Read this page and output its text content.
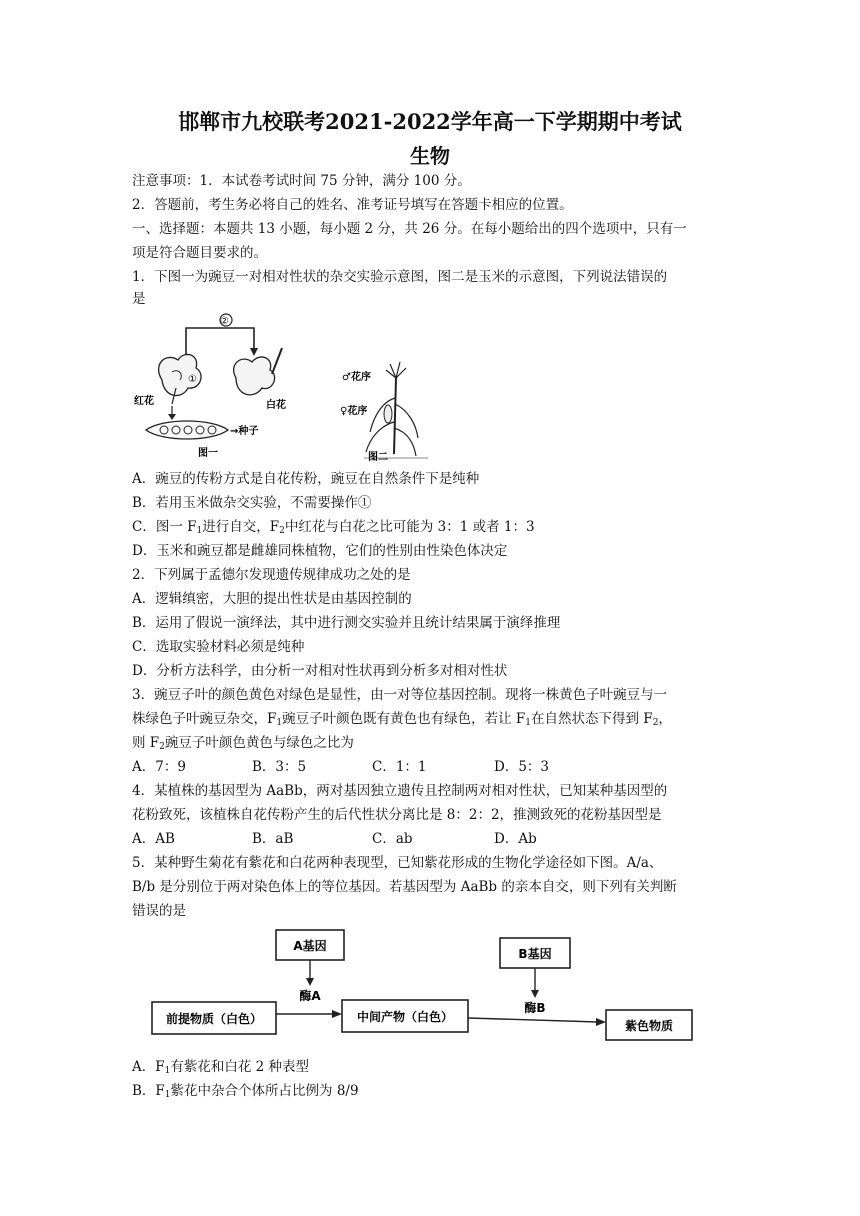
邯郸市九校联考2021-2022学年高一下学期期中考试
生物
注意事项：1．本试卷考试时间 75 分钟，满分 100 分。
2．答题前，考生务必将自己的姓名、准考证号填写在答题卡相应的位置。
一、选择题：本题共 13 小题，每小题 2 分，共 26 分。在每小题给出的四个选项中，只有一
项是符合题目要求的。
1．下图一为豌豆一对相对性状的杂交实验示意图，图二是玉米的示意图，下列说法错误的
是
②
①
红花	白花
→种子
图一
♂花序
♀花序
图二
A．豌豆的传粉方式是自花传粉，豌豆在自然条件下是纯种
B．若用玉米做杂交实验，不需要操作①
C．图一 $F_1$进行自交，$F_2$中红花与白花之比可能为 3：1 或者 1：3
D．玉米和豌豆都是雌雄同株植物，它们的性别由性染色体决定
2．下列属于孟德尔发现遗传规律成功之处的是
A．逻辑缜密，大胆的提出性状是由基因控制的
B．运用了假说一演绎法，其中进行测交实验并且统计结果属于演绎推理
C．选取实验材料必须是纯种
D．分析方法科学，由分析一对相对性状再到分析多对相对性状
3．豌豆子叶的颜色黄色对绿色是显性，由一对等位基因控制。现将一株黄色子叶豌豆与一
株绿色子叶豌豆杂交，$F_1$豌豆子叶颜色既有黄色也有绿色，若让 $F_1$在自然状态下得到 $F_2$，
则 $F_2$豌豆子叶颜色黄色与绿色之比为
A．7：9	B．3：5	C．1：1	D．5：3
4．某植株的基因型为 AaBb，两对基因独立遗传且控制两对相对性状，已知某种基因型的
花粉致死，该植株自花传粉产生的后代性状分离比是 8：2：2，推测致死的花粉基因型是
A．AB	B．aB	C．ab	D．Ab
5．某种野生菊花有紫花和白花两种表现型，已知紫花形成的生物化学途径如下图。A/a、
B/b 是分别位于两对染色体上的等位基因。若基因型为 AaBb 的亲本自交，则下列有关判断
错误的是
A基因
B基因
酶A
酶B
前提物质（白色）	中间产物（白色）
紫色物质
A．$F_1$有紫花和白花 2 种表型
B．$F_1$紫花中杂合个体所占比例为 8/9
